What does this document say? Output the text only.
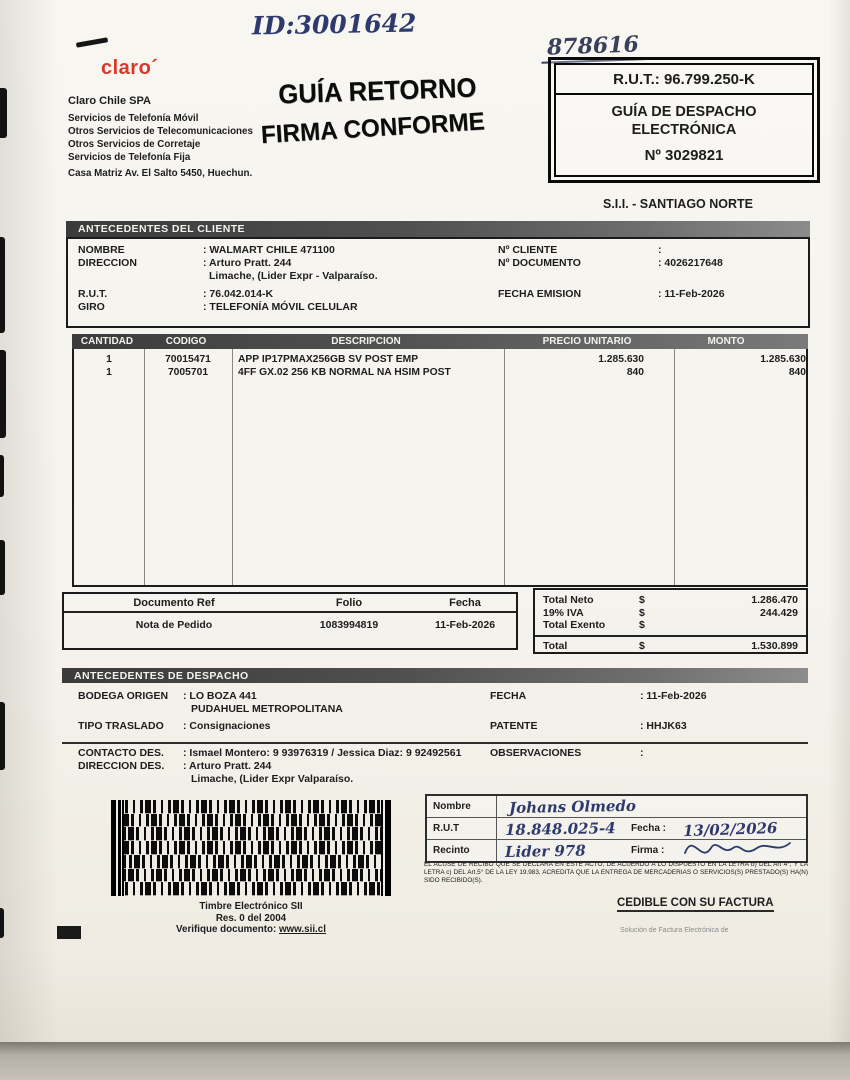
ID:3001642
878616
claro´
Claro Chile SPA
Servicios de Telefonía Móvil
Otros Servicios de Telecomunicaciones
Otros Servicios de Corretaje
Servicios de Telefonía Fija
Casa Matriz Av. El Salto 5450, Huechun.
GUÍA RETORNO
FIRMA CONFORME
R.U.T.: 96.799.250-K
GUÍA DE DESPACHO
ELECTRÓNICA
Nº 3029821
S.I.I. - SANTIAGO NORTE
ANTECEDENTES DEL CLIENTE
NOMBRE	: WALMART CHILE 471100
DIRECCION	: Arturo Pratt. 244
Limache, (Lider Expr - Valparaíso.
R.U.T.	: 76.042.014-K
GIRO	: TELEFONÍA MÓVIL CELULAR
Nº CLIENTE	:
Nº DOCUMENTO	: 4026217648
FECHA EMISION	: 11-Feb-2026
CANTIDAD	CODIGO	DESCRIPCION	PRECIO UNITARIO	MONTO
1	70015471	APP IP17PMAX256GB SV POST EMP	1.285.630	1.285.630
1	7005701	4FF GX.02 256 KB NORMAL NA HSIM POST	840	840
Documento Ref	Folio	Fecha
Nota de Pedido	1083994819	11-Feb-2026
Total Neto	$	1.286.470
19% IVA	$	244.429
Total Exento	$
Total	$	1.530.899
ANTECEDENTES DE DESPACHO
BODEGA ORIGEN	: LO BOZA 441	FECHA	: 11-Feb-2026
PUDAHUEL METROPOLITANA
TIPO TRASLADO	: Consignaciones	PATENTE	: HHJK63
CONTACTO DES.	: Ismael Montero: 9 93976319 / Jessica Diaz: 9 92492561	OBSERVACIONES	:
DIRECCION DES.	: Arturo Pratt. 244
Limache, (Lider Expr Valparaíso.
Timbre Electrónico SII
Res. 0 del 2004
Verifique documento: www.sii.cl
Nombre	Johans Olmedo
R.U.T	18.848.025-4	Fecha :	13/02/2026
Recinto	Lider 978	Firma :
EL ACUSE DE RECIBO QUE SE DECLARA EN ESTE ACTO, DE ACUERDO A LO DISPUESTO EN LA LETRA b) DEL Art 4°, Y LA LETRA c) DEL Art.5° DE LA LEY 19.983, ACREDITA QUE LA ENTREGA DE MERCADERIAS O SERVICIOS(S) PRESTADO(S) HA(N) SIDO RECIBIDO(S).
CEDIBLE CON SU FACTURA
Solución de Factura Electrónica de
